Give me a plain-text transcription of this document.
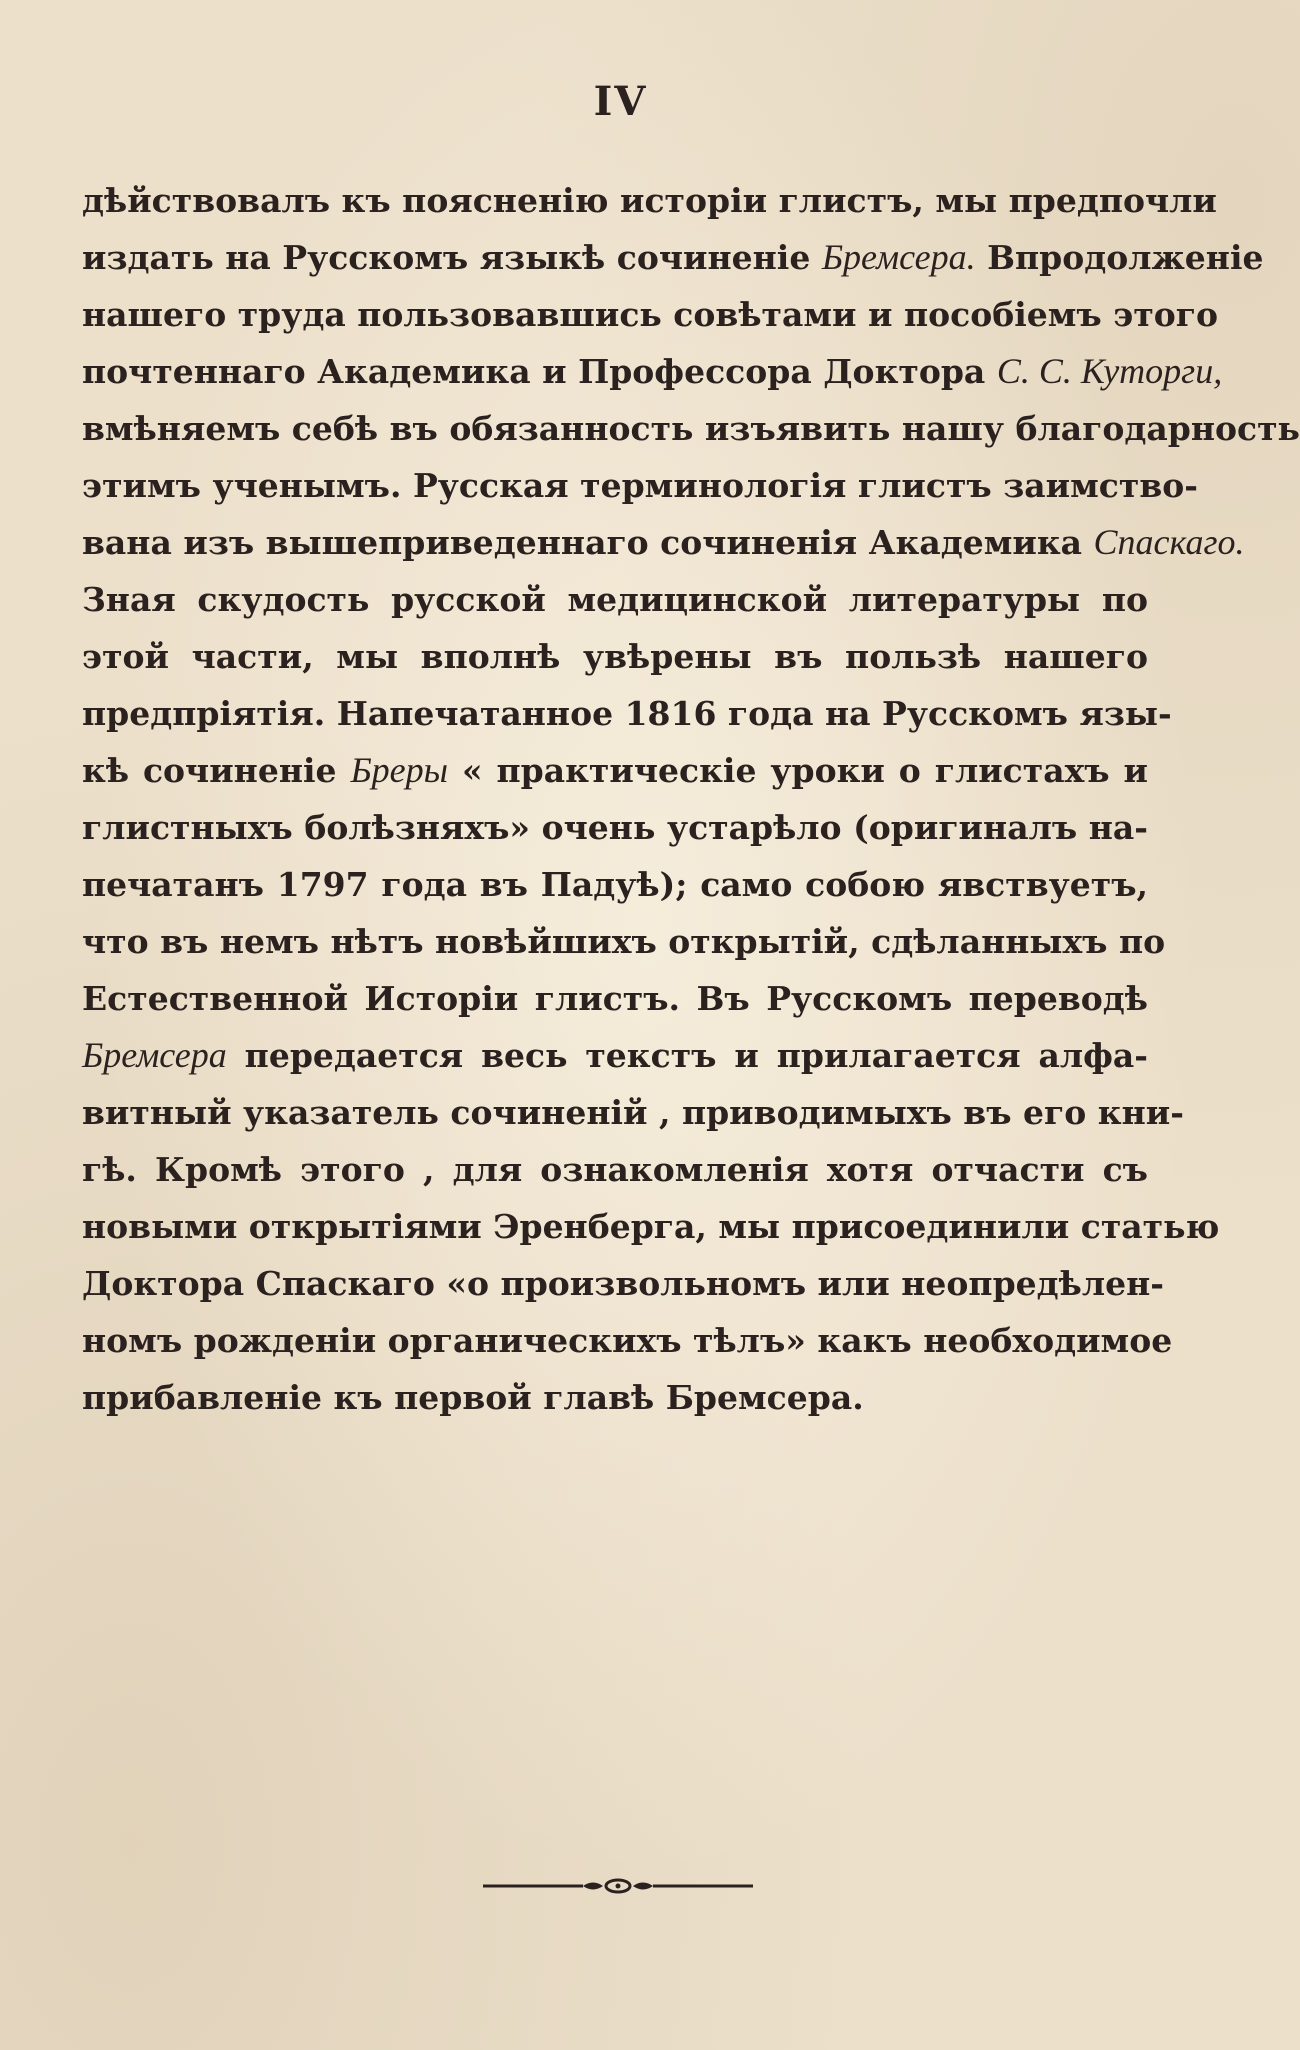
IV
дѣйствовалъ къ поясненію исторіи глистъ, мы предпочли
издать на Русскомъ языкѣ сочиненіе Бремсера. Впродолженіе
нашего труда пользовавшись совѣтами и пособіемъ этого
почтеннаго Академика и Профессора Доктора С. С. Куторги,
вмѣняемъ себѣ въ обязанность изъявить нашу благодарность
этимъ ученымъ. Русская терминологія глистъ заимство-
вана изъ вышеприведеннаго сочиненія Академика Спаскаго.
Зная скудость русской медицинской литературы по
этой части, мы вполнѣ увѣрены въ пользѣ нашего
предпріятія. Напечатанное 1816 года на Русскомъ язы-
кѣ сочиненіе Бреры « практическіе уроки о глистахъ и
глистныхъ болѣзняхъ» очень устарѣло (оригиналъ на-
печатанъ 1797 года въ Падуѣ); само собою явствуетъ,
что въ немъ нѣтъ новѣйшихъ открытій, сдѣланныхъ по
Естественной Исторіи глистъ. Въ Русскомъ переводѣ
Бремсера передается весь текстъ и прилагается алфа-
витный указатель сочиненій , приводимыхъ въ его кни-
гѣ. Кромѣ этого , для ознакомленія хотя отчасти съ
новыми открытіями Эренберга, мы присоединили статью
Доктора Спаскаго «о произвольномъ или неопредѣлен-
номъ рожденіи органическихъ тѣлъ» какъ необходимое
прибавленіе къ первой главѣ Бремсера.
